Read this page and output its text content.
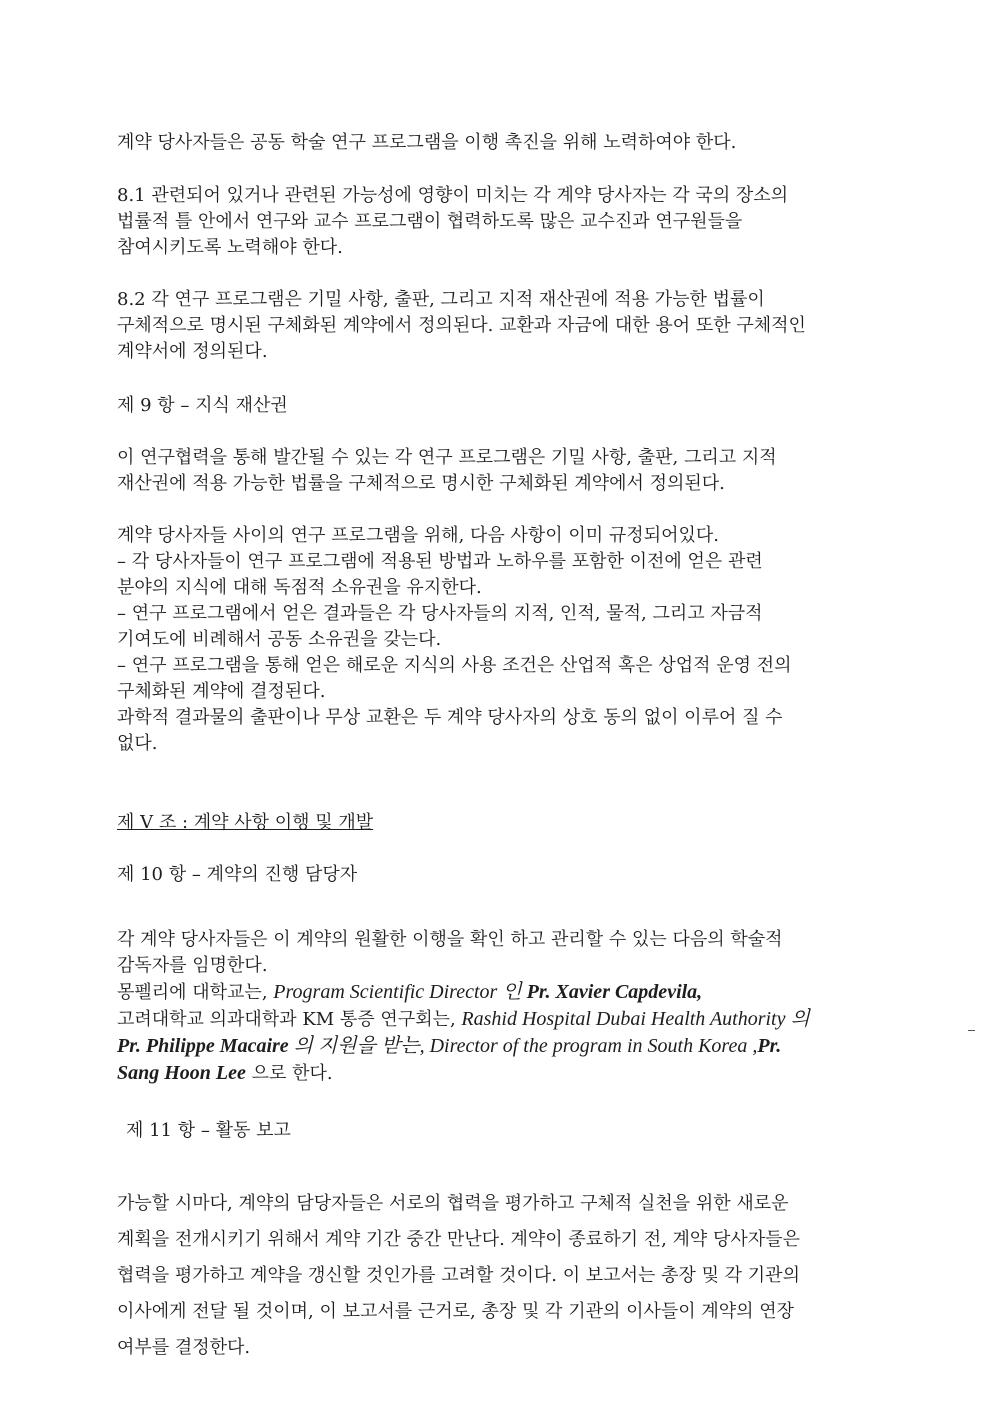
계약 당사자들은 공동 학술 연구 프로그램을 이행 촉진을 위해 노력하여야 한다.
8.1 관련되어 있거나 관련된 가능성에 영향이 미치는 각 계약 당사자는 각 국의 장소의
법률적 틀 안에서 연구와 교수 프로그램이 협력하도록 많은 교수진과 연구원들을
참여시키도록 노력해야 한다.
8.2 각 연구 프로그램은 기밀 사항, 출판, 그리고 지적 재산권에 적용 가능한 법률이
구체적으로 명시된 구체화된 계약에서 정의된다. 교환과 자금에 대한 용어 또한 구체적인
계약서에 정의된다.
제 9 항 – 지식 재산권
이 연구협력을 통해 발간될 수 있는 각 연구 프로그램은 기밀 사항, 출판, 그리고 지적
재산권에 적용 가능한 법률을 구체적으로 명시한 구체화된 계약에서 정의된다.
계약 당사자들 사이의 연구 프로그램을 위해, 다음 사항이 이미 규정되어있다.
– 각 당사자들이 연구 프로그램에 적용된 방법과 노하우를 포함한 이전에 얻은 관련
분야의 지식에 대해 독점적 소유권을 유지한다.
– 연구 프로그램에서 얻은 결과들은 각 당사자들의 지적, 인적, 물적, 그리고 자금적
기여도에 비례해서 공동 소유권을 갖는다.
– 연구 프로그램을 통해 얻은 해로운 지식의 사용 조건은 산업적 혹은 상업적 운영 전의
구체화된 계약에 결정된다.
과학적 결과물의 출판이나 무상 교환은 두 계약 당사자의 상호 동의 없이 이루어 질 수
없다.
제 V 조 : 계약 사항 이행 및 개발
제 10 항 – 계약의 진행 담당자
각 계약 당사자들은 이 계약의 원활한 이행을 확인 하고 관리할 수 있는 다음의 학술적
감독자를 임명한다.
몽펠리에 대학교는, Program Scientific Director 인 Pr. Xavier Capdevila,
고려대학교 의과대학과 KM 통증 연구회는, Rashid Hospital Dubai Health Authority 의
Pr. Philippe Macaire 의 지원을 받는, Director of the program in South Korea ,Pr.
Sang Hoon Lee 으로 한다.
제 11 항 – 활동 보고
가능할 시마다, 계약의 담당자들은 서로의 협력을 평가하고 구체적 실천을 위한 새로운
계획을 전개시키기 위해서 계약 기간 중간 만난다. 계약이 종료하기 전, 계약 당사자들은
협력을 평가하고 계약을 갱신할 것인가를 고려할 것이다. 이 보고서는 총장 및 각 기관의
이사에게 전달 될 것이며, 이 보고서를 근거로, 총장 및 각 기관의 이사들이 계약의 연장
여부를 결정한다.
